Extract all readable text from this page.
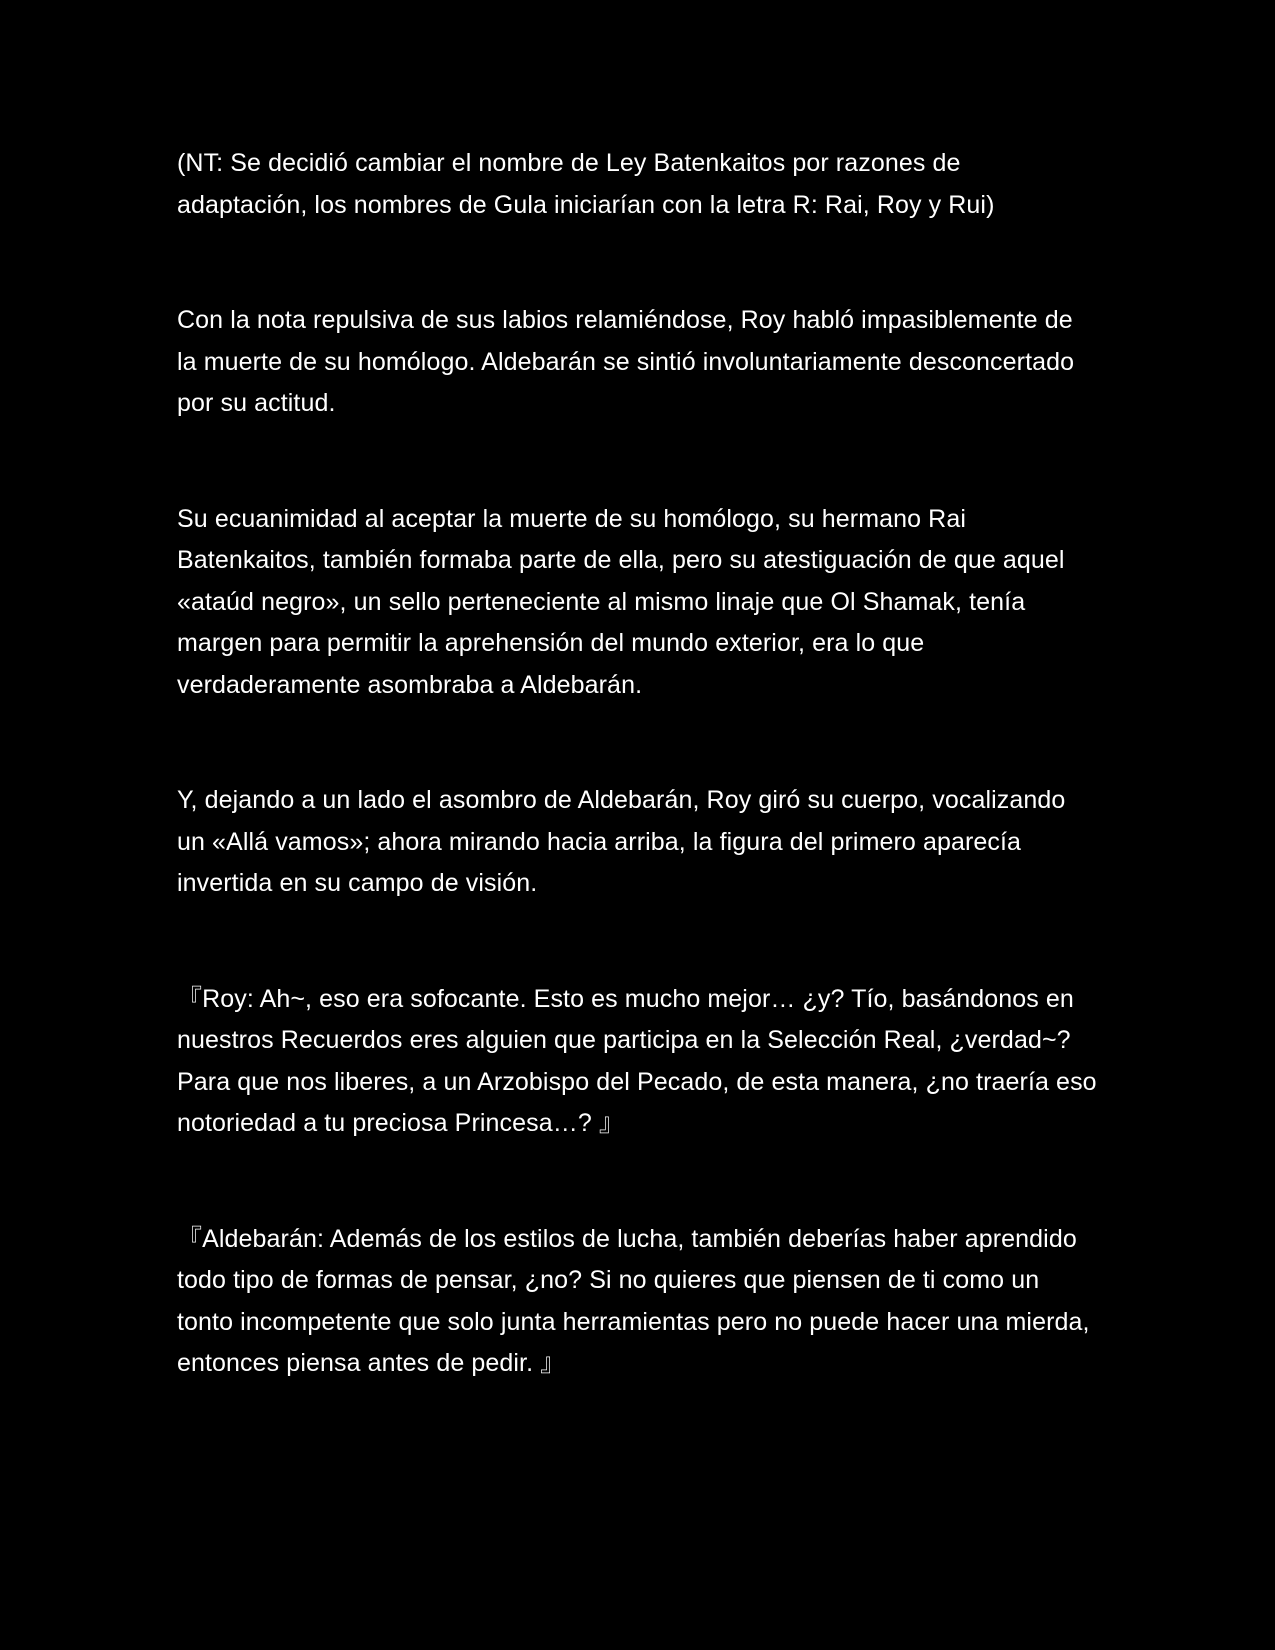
(NT: Se decidió cambiar el nombre de Ley Batenkaitos por razones de adaptación, los nombres de Gula iniciarían con la letra R: Rai, Roy y Rui)

Con la nota repulsiva de sus labios relamiéndose, Roy habló impasiblemente de la muerte de su homólogo. Aldebarán se sintió involuntariamente desconcertado por su actitud.

Su ecuanimidad al aceptar la muerte de su homólogo, su hermano Rai Batenkaitos, también formaba parte de ella, pero su atestiguación de que aquel «ataúd negro», un sello perteneciente al mismo linaje que Ol Shamak, tenía margen para permitir la aprehensión del mundo exterior, era lo que verdaderamente asombraba a Aldebarán.

Y, dejando a un lado el asombro de Aldebarán, Roy giró su cuerpo, vocalizando un «Allá vamos»; ahora mirando hacia arriba, la figura del primero aparecía invertida en su campo de visión.

『Roy: Ah~, eso era sofocante. Esto es mucho mejor… ¿y? Tío, basándonos en nuestros Recuerdos eres alguien que participa en la Selección Real, ¿verdad~? Para que nos liberes, a un Arzobispo del Pecado, de esta manera, ¿no traería eso notoriedad a tu preciosa Princesa…? 』

『Aldebarán: Además de los estilos de lucha, también deberías haber aprendido todo tipo de formas de pensar, ¿no? Si no quieres que piensen de ti como un tonto incompetente que solo junta herramientas pero no puede hacer una mierda, entonces piensa antes de pedir. 』
